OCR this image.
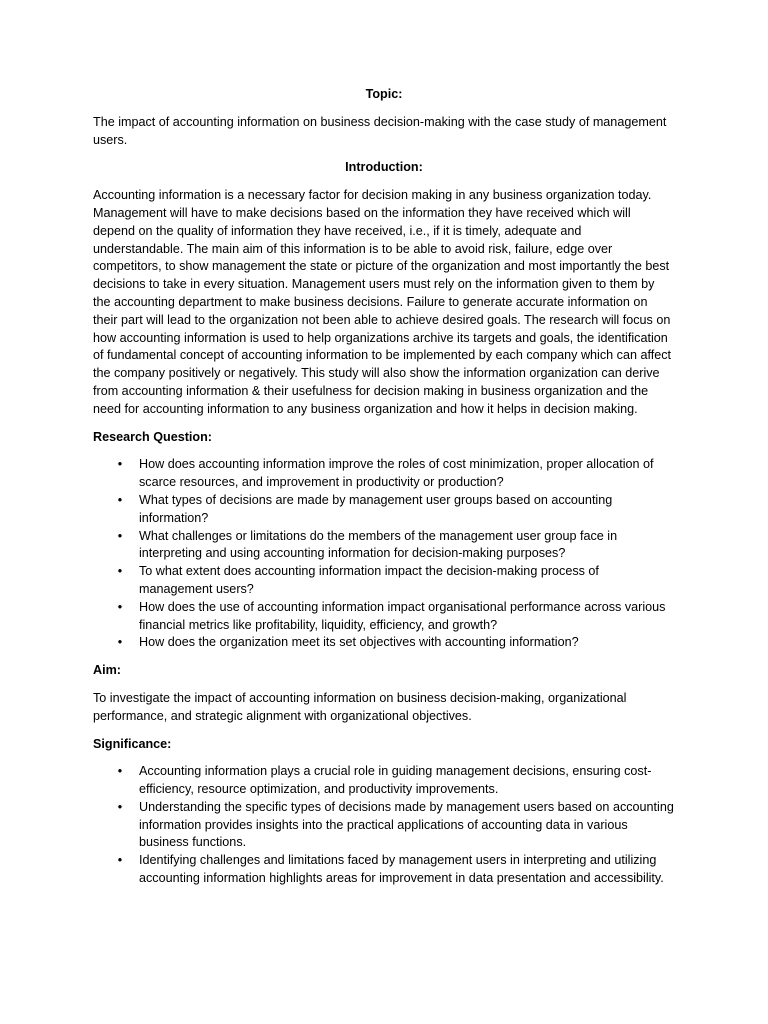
Topic:

The impact of accounting information on business decision-making with the case study of management users.

Introduction:

Accounting information is a necessary factor for decision making in any business organization today. Management will have to make decisions based on the information they have received which will depend on the quality of information they have received, i.e., if it is timely, adequate and understandable. The main aim of this information is to be able to avoid risk, failure, edge over competitors, to show management the state or picture of the organization and most importantly the best decisions to take in every situation. Management users must rely on the information given to them by the accounting department to make business decisions. Failure to generate accurate information on their part will lead to the organization not been able to achieve desired goals. The research will focus on how accounting information is used to help organizations archive its targets and goals, the identification of fundamental concept of accounting information to be implemented by each company which can affect the company positively or negatively. This study will also show the information organization can derive from accounting information & their usefulness for decision making in business organization and the need for accounting information to any business organization and how it helps in decision making.

Research Question:
• How does accounting information improve the roles of cost minimization, proper allocation of scarce resources, and improvement in productivity or production?
• What types of decisions are made by management user groups based on accounting information?
• What challenges or limitations do the members of the management user group face in interpreting and using accounting information for decision-making purposes?
• To what extent does accounting information impact the decision-making process of management users?
• How does the use of accounting information impact organisational performance across various financial metrics like profitability, liquidity, efficiency, and growth?
• How does the organization meet its set objectives with accounting information?
Aim:

To investigate the impact of accounting information on business decision-making, organizational performance, and strategic alignment with organizational objectives.

Significance:
• Accounting information plays a crucial role in guiding management decisions, ensuring cost-efficiency, resource optimization, and productivity improvements.
• Understanding the specific types of decisions made by management users based on accounting information provides insights into the practical applications of accounting data in various business functions.
• Identifying challenges and limitations faced by management users in interpreting and utilizing accounting information highlights areas for improvement in data presentation and accessibility.
